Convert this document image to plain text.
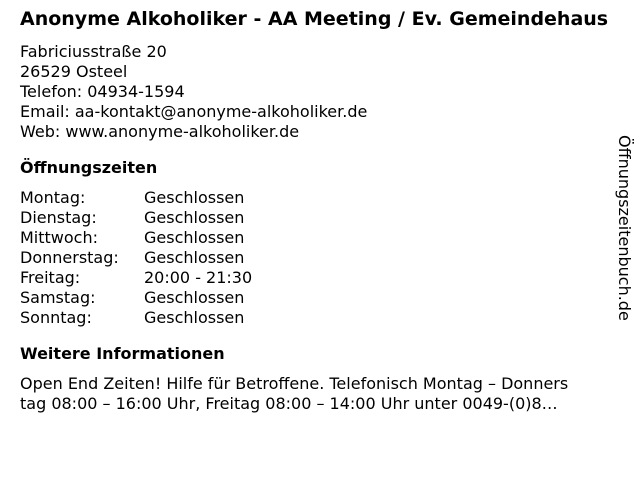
Anonyme Alkoholiker - AA Meeting / Ev. Gemeindehaus
Fabriciusstraße 20
26529 Osteel
Telefon: 04934-1594
Email: aa-kontakt@anonyme-alkoholiker.de
Web: www.anonyme-alkoholiker.de
Öffnungszeiten
Montag:	Geschlossen
Dienstag:	Geschlossen
Mittwoch:	Geschlossen
Donnerstag:	Geschlossen
Freitag:	20:00 - 21:30
Samstag:	Geschlossen
Sonntag:	Geschlossen
Weitere Informationen
Open End Zeiten! Hilfe für Betroffene. Telefonisch Montag – Donners
tag 08:00 – 16:00 Uhr, Freitag 08:00 – 14:00 Uhr unter 0049-(0)8…
Öffnungszeitenbuch.de
